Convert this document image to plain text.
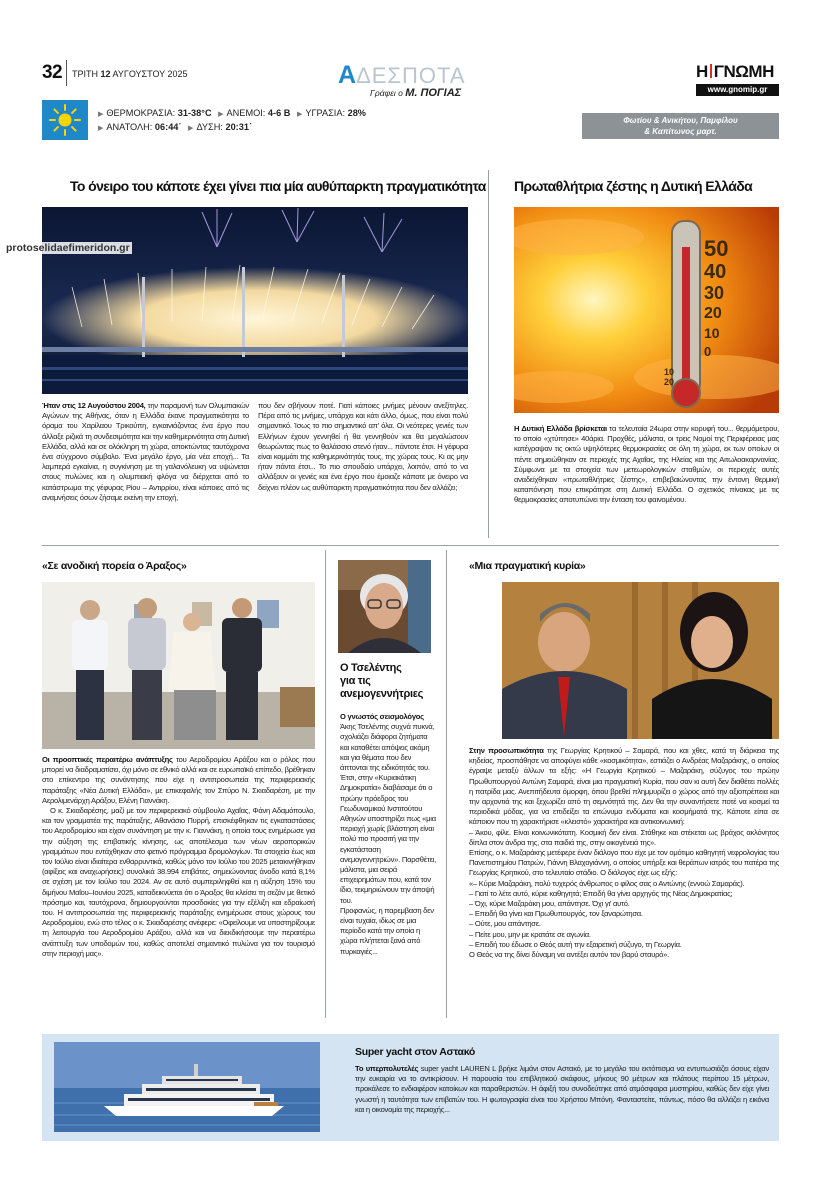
32 ΤΡΙΤΗ 12 ΑΥΓΟΥΣΤΟΥ 2025	ΑΔΕΣΠΟΤΑ
Γράφει ο Μ. ΠΟΓΙΑΣ
Η ΓΝΩΜΗ
www.gnomip.gr
▶ ΘΕΡΜΟΚΡΑΣΙΑ: 31-38°C ▶ ΑΝΕΜΟΙ: 4-6 Β ▶ ΥΓΡΑΣΙΑ: 28%
▶ ΑΝΑΤΟΛΗ: 06:44΄ ▶ ΔΥΣΗ: 20:31΄
Φωτίου & Ανικήτου, Παμφίλου
& Καπίτωνος μαρτ.
Το όνειρο του κάποτε έχει γίνει πια μία αυθύπαρκτη πραγματικότητα
protoselidaefimeridon.gr
Ήταν στις 12 Αυγούστου 2004, την παραμονή των Ολυμπιακών Αγώνων της Αθήνας, όταν η Ελλάδα έκανε πραγματικότητα το όραμα του Χαρίλαου Τρικούπη, εγκαινιάζοντας ένα έργο που άλλαξε ριζικά τη συνδεσιμότητα και την καθημερινότητα στη Δυτική Ελλάδα, αλλά και σε ολόκληρη τη χώρα, αποκτώντας ταυτόχρονα ένα σύγχρονο σύμβολο. Ένα μεγάλο έργο, μία νέα εποχή... Τα λαμπερά εγκαίνια, η συγκίνηση με τη γαλανόλευκη να υψώνεται στους πυλώνες και η ολυμπιακή φλόγα να διέρχεται από το κατάστρωμα της γέφυρας Ρίου – Αντιρρίου, είναι κάποιες από τις αναμνήσεις όσων ζήσαμε εκείνη την εποχή,
που δεν σβήνουν ποτέ. Γιατί κάποιες μνήμες μένουν ανεξίτηλες. Πέρα από τις μνήμες, υπάρχει και κάτι άλλο, όμως, που είναι πολύ σημαντικό. Ίσως το πιο σημαντικό απ' όλα. Οι νεότερες γενιές των Ελλήνων έχουν γεννηθεί ή θα γεννηθούν και θα μεγαλώσουν θεωρώντας πως το θαλάσσιο στενό ήταν... πάντοτε έτσι. Η γέφυρα είναι κομμάτι της καθημερινότητάς τους, της χώρας τους. Κι ας μην ήταν πάντα έτσι... Το πιο σπουδαίο υπάρχει, λοιπόν, από το να αλλάξουν οι γενιές και ένα έργο που έμοιαζε κάποτε με όνειρο να δείχνει πλέον ως αυθύπαρκτη πραγματικότητα που δεν αλλάζει;
Πρωταθλήτρια ζέστης η Δυτική Ελλάδα
50
40
30
20
10
0
10
20
Η Δυτική Ελλάδα βρίσκεται τα τελευταία 24ωρα στην κορυφή του... θερμόμετρου, το οποίο «χτύπησε» 40άρια. Προχθές, μάλιστα, οι τρεις Νομοί της Περιφέρειας μας κατέγραψαν τις οκτώ υψηλότερες θερμοκρασίες σε όλη τη χώρα, εκ των οποίων οι πέντε σημειώθηκαν σε περιοχές της Αχαΐας, της Ηλείας και της Αιτωλοακαρνανίας. Σύμφωνα με τα στοιχεία των μετεωρολογικών σταθμών, οι περιοχές αυτές αναδείχθηκαν «πρωταθλήτριες ζέστης», επιβεβαιώνοντας την έντονη θερμική καταπόνηση που επικράτησε στη Δυτική Ελλάδα. Ο σχετικός πίνακας με τις θερμοκρασίες αποτυπώνει την ένταση του φαινομένου.
«Σε ανοδική πορεία ο Άραξος»
Οι προοπτικές περαιτέρω ανάπτυξης του Αεροδρομίου Αράξου και ο ρόλος που μπορεί να διαδραματίσει, όχι μόνο σε εθνικό αλλά και σε ευρωπαϊκό επίπεδο, βρέθηκαν στο επίκεντρο της συνάντησης που είχε η αντιπροσωπεία της περιφερειακής παράταξης «Νέα Δυτική Ελλάδα», με επικεφαλής τον Σπύρο Ν. Σκιαδαρέση, με την Αερολιμενάρχη Αράξου, Ελένη Γιαννάκη.
Ο κ. Σκιαδαρέσης, μαζί με τον περιφερειακό σύμβουλο Αχαΐας, Φάνη Αδαμόπουλο, και τον γραμματέα της παράταξης, Αθανάσιο Πυρρή, επισκέφθηκαν τις εγκαταστάσεις του Αεροδρομίου και είχαν συνάντηση με την κ. Γιαννάκη, η οποία τους ενημέρωσε για την αύξηση της επιβατικής κίνησης, ως αποτέλεσμα των νέων αεροπορικών γραμμάτων που εντάχθηκαν στο φετινό πρόγραμμα δρομολογίων. Τα στοιχεία έως και τον Ιούλιο είναι ιδιαίτερα ενθαρρυντικά, καθώς μόνο τον Ιούλιο του 2025 μετακινήθηκαν (αφίξεις και αναχωρήσεις) συνολικά 38.994 επιβάτες, σημειώνοντας άνοδο κατά 8,1% σε σχέση με τον Ιούλιο του 2024. Αν σε αυτό συμπεριληφθεί και η αύξηση 15% του διμήνου Μαΐου–Ιουνίου 2025, καταδεικνύεται ότι ο Άραξος θα κλείσει τη σεζόν με θετικό πρόσημο και, ταυτόχρονα, δημιουργούνται προσδοκίες για την εξέλιξη και εδραίωσή του. Η αντιπροσωπεία της περιφερειακής παράταξης ενημέρωσε στους χώρους του Αεροδρομίου, ενώ στο τέλος ο κ. Σκιαδαρέσης ανέφερε: «Οφείλουμε να υποστηρίξουμε τη λειτουργία του Αεροδρομίου Αράξου, αλλά και να διεκδικήσουμε την περαιτέρω ανάπτυξη των υποδομών του, καθώς αποτελεί σημαντικό πυλώνα για τον τουρισμό στην περιοχή μας».
Ο Τσελέντης
για τις
ανεμογεννήτριες
Ο γνωστός σεισμολόγος Άκης Τσελέντης συχνά πυκνά, σχολιάζει διάφορα ζητήματα και καταθέτει απόψεις ακόμη και για θέματα που δεν άπτονται της ειδικότητάς του. Έτσι, στην «Κυριακάτικη Δημοκρατία» διαβάσαμε ότι ο πρώην πρόεδρος του Γεωδυναμικού Ινστιτούτου Αθηνών υποστηρίζει πως «μια περιοχή χωρίς βλάστηση είναι πολύ πιο προσιτή για την εγκατάσταση ανεμογεννητριών». Παρσθέτει, μάλιστα, μια σειρά επιχειρημάτων που, κατά τον ίδιο, τεκμηριώνουν την άποψή του.
Προφανώς, η παρεμβαση δεν είναι τυχαία, ιδίως σε μια περίοδο κατά την οποία η χώρα πλήττεται ξανά από πυρκαγιές...
«Μια πραγματική κυρία»
Στην προσωπικότητα της Γεωργίας Κρητικού – Σαμαρά, που και χθες, κατά τη διάρκεια της κηδείας, προσπάθησε να αποφύγει κάθε «κοσμικότητα», εστιάζει ο Ανδρέας Μαζαράκης, ο οποίος έγραψε μεταξύ άλλων τα εξής: «Η Γεωργία Κρητικού – Μαζαράκη, σύζυγος του πρώην Πρωθυπουργού Αντώνη Σαμαρά, είναι μια πραγματική Κυρία, που σαν κι αυτή δεν διαθέτει πολλές η πατρίδα μας. Ανεπιτήδευτα όμορφη, όπου βρεθεί πλημμυρίζει ο χώρος από την αξιοπρέπεια και την αρχοντιά της και ξεχωρίζει από τη σεμνότητά της. Δεν θα την συναντήσετε ποτέ να κοσμεί τα περιοδικά μόδας, για να επιδείξει τα επώνυμα ενδύματα και κοσμήματά της. Κάποτε είπα σε κάποιον που τη χαρακτήρισε «κλειστό» χαρακτήρα και αντικοινωνική:
– Άκου, φίλε. Είναι κοινωνικότατη. Κοσμική δεν είναι. Στάθηκε και στέκεται ως βράχος ακλόνητος δίπλα στον άνδρα της, στα παιδιά της, στην οικογένειά της».
Επίσης, ο κ. Μαζαράκης μετέφερε έναν διάλογο που είχε με τον ομότιμο καθηγητή νεφρολογίας του Πανεπιστημίου Πατρών, Γιάννη Βλαχογιάννη, ο οποίος υπήρξε και θεράπων ιατρός του πατέρα της Γεωργίας Κρητικού, στο τελευταίο στάδιο. Ο διάλογος είχε ως εξής:
«– Κύριε Μαζαράκη, πολύ τυχερός άνθρωπος ο φίλος σας ο Αντώνης (εννοώ Σαμαράς).
– Γιατί το λέτε αυτό, κύριε καθηγητά; Επειδή θα γίνει αρχηγός της Νέας Δημοκρατίας;
– Όχι, κύριε Μαζαράκη μου, απάντησε. Όχι γι' αυτό.
– Επειδή θα γίνει και Πρωθυπουργός, τον ξαναρώτησα.
– Ούτε, μου απάντησε.
– Πείτε μου, μην με κρατάτε σε αγωνία.
– Επειδή του έδωσε ο Θεός αυτή την εξαιρετική σύζυγο, τη Γεωργία.
Ο Θεός να της δίνει δύναμη να αντέξει αυτόν τον βαρύ σταυρό».
Super yacht στον Αστακό
Το υπερπολυτελές super yacht LAUREN L βρήκε λιμάνι στον Αστακό, με το μεγάλο του εκτόπισμα να εντυπωσιάζει όσους είχαν την ευκαιρία να το αντικρίσουν. Η παρουσία του επιβλητικού σκάφους, μήκους 90 μέτρων και πλάτους περίπου 15 μέτρων, προκάλεσε το ενδιαφέρον κατοίκων και παραθεριστών. Η άφιξή του συνοδεύτηκε από ατμόσφαιρα μυστηρίου, καθώς δεν είχε γίνει γνωστή η ταυτότητα των επιβατών του. Η φωτογραφία είναι του Χρήστου Μπόνη. Φανταστείτε, πάντως, πόσο θα αλλάζει η εικόνα και η οικονομία της περιοχής...
